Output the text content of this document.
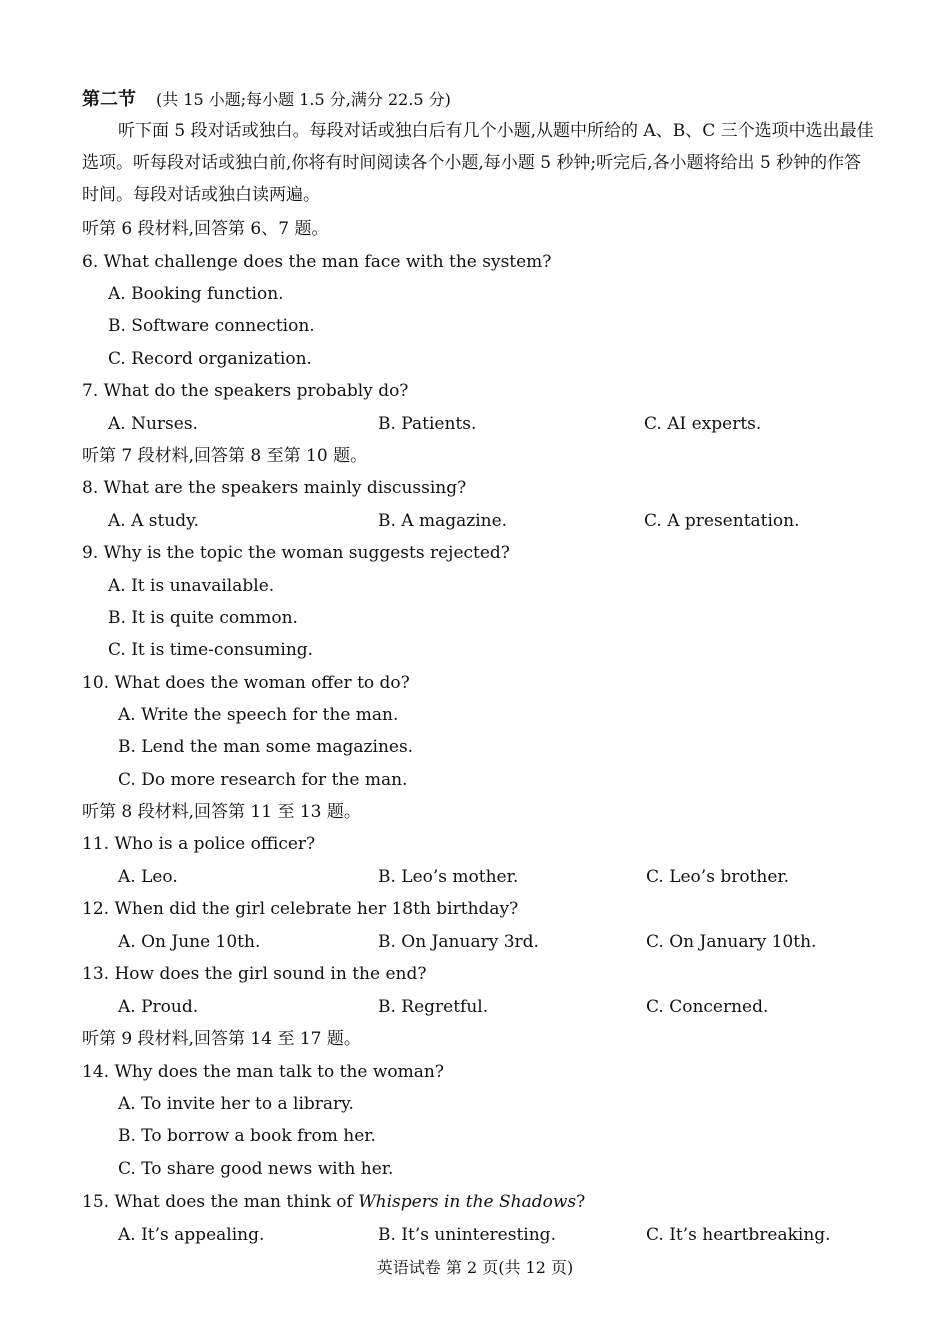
第二节 (共 15 小题;每小题 1.5 分,满分 22.5 分)
听下面 5 段对话或独白。每段对话或独白后有几个小题,从题中所给的 A、B、C 三个选项中选出最佳选项。听每段对话或独白前,你将有时间阅读各个小题,每小题 5 秒钟;听完后,各小题将给出 5 秒钟的作答时间。每段对话或独白读两遍。
听第 6 段材料,回答第 6、7 题。
6. What challenge does the man face with the system?
A. Booking function.
B. Software connection.
C. Record organization.
7. What do the speakers probably do?
A. Nurses.	B. Patients.	C. AI experts.
听第 7 段材料,回答第 8 至第 10 题。
8. What are the speakers mainly discussing?
A. A study.	B. A magazine.	C. A presentation.
9. Why is the topic the woman suggests rejected?
A. It is unavailable.
B. It is quite common.
C. It is time-consuming.
10. What does the woman offer to do?
A. Write the speech for the man.
B. Lend the man some magazines.
C. Do more research for the man.
听第 8 段材料,回答第 11 至 13 题。
11. Who is a police officer?
A. Leo.	B. Leo’s mother.	C. Leo’s brother.
12. When did the girl celebrate her 18th birthday?
A. On June 10th.	B. On January 3rd.	C. On January 10th.
13. How does the girl sound in the end?
A. Proud.	B. Regretful.	C. Concerned.
听第 9 段材料,回答第 14 至 17 题。
14. Why does the man talk to the woman?
A. To invite her to a library.
B. To borrow a book from her.
C. To share good news with her.
15. What does the man think of Whispers in the Shadows?
A. It’s appealing.	B. It’s uninteresting.	C. It’s heartbreaking.
英语试卷 第 2 页(共 12 页)
